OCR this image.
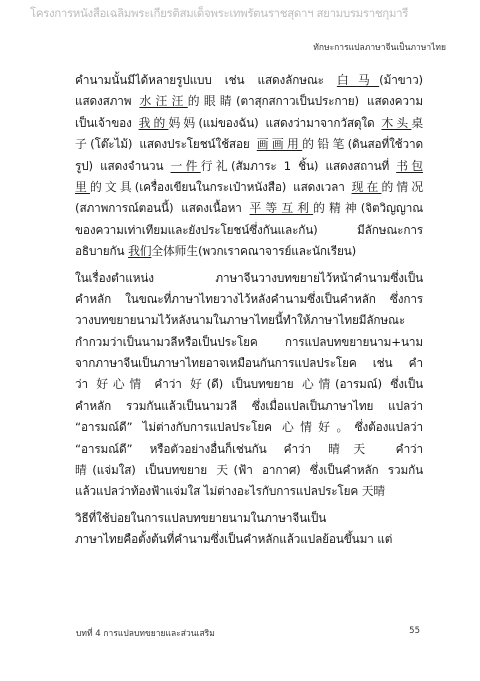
โครงการหนังสือเฉลิมพระเกียรติสมเด็จพระเทพรัตนราชสุดาฯ สยามบรมราชกุมารี
ทักษะการแปลภาษาจีนเป็นภาษาไทย
คำนามนั้นมีได้หลายรูปแบบ เช่น แสดงลักษณะ 白马(ม้าขาว)
แสดงสภาพ 水汪汪的眼睛(ตาสุกสกาวเป็นประกาย) แสดงความ
เป็นเจ้าของ 我的妈妈(แม่ของฉัน) แสดงว่ามาจากวัสดุใด 木头桌
子(โต๊ะไม้) แสดงประโยชน์ใช้สอย 画画用的铅笔(ดินสอที่ใช้วาด
รูป) แสดงจำนวน 一件行礼(สัมภาระ 1 ชิ้น) แสดงสถานที่ 书包
里的文具(เครื่องเขียนในกระเป๋าหนังสือ) แสดงเวลา 现在的情况
(สภาพการณ์ตอนนี้) แสดงเนื้อหา 平等互利的精神(จิตวิญญาณ
ของความเท่าเทียมและยังประโยชน์ซึ่งกันและกัน) มีลักษณะการ
อธิบายกัน 我们全体师生(พวกเราคณาจารย์และนักเรียน)
ในเรื่องตำแหน่ง ภาษาจีนวางบทขยายไว้หน้าคำนามซึ่งเป็น
คำหลัก ในขณะที่ภาษาไทยวางไว้หลังคำนามซึ่งเป็นคำหลัก ซึ่งการ
วางบทขยายนามไว้หลังนามในภาษาไทยนี้ทำให้ภาษาไทยมีลักษณะ
กำกวมว่าเป็นนามวลีหรือเป็นประโยค การแปลบทขยายนาม+นาม
จากภาษาจีนเป็นภาษาไทยอาจเหมือนกันการแปลประโยค เช่น คำ
ว่า 好心情 คำว่า 好(ดี) เป็นบทขยาย 心情(อารมณ์) ซึ่งเป็น
คำหลัก รวมกันแล้วเป็นนามวลี ซึ่งเมื่อแปลเป็นภาษาไทย แปลว่า
“อารมณ์ดี” ไม่ต่างกับการแปลประโยค 心情好。ซึ่งต้องแปลว่า
“อารมณ์ดี” หรือตัวอย่างอื่นก็เช่นกัน คำว่า 晴天 คำว่า
晴(แจ่มใส) เป็นบทขยาย 天(ฟ้า อากาศ) ซึ่งเป็นคำหลัก รวมกัน
แล้วแปลว่าท้องฟ้าแจ่มใส ไม่ต่างอะไรกับการแปลประโยค 天晴
วิธีที่ใช้บ่อยในการแปลบทขยายนามในภาษาจีนเป็น
ภาษาไทยคือตั้งต้นที่คำนามซึ่งเป็นคำหลักแล้วแปลย้อนขึ้นมา แต่
บทที่ 4 การแปลบทขยายและส่วนเสริม	55
